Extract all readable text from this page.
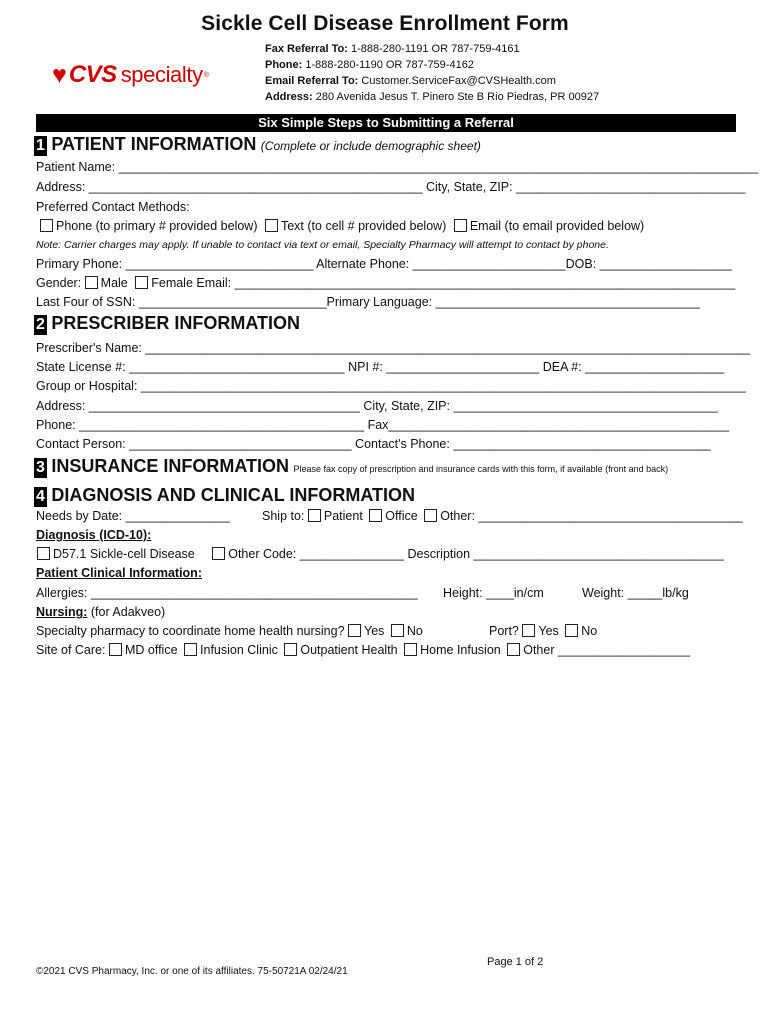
Sickle Cell Disease Enrollment Form
♥ CVS specialty ®
Fax Referral To: 1-888-280-1191 OR 787-759-4161
Phone: 1-888-280-1190 OR 787-759-4162
Email Referral To: Customer.ServiceFax@CVSHealth.com
Address: 280 Avenida Jesus T. Pinero Ste B Rio Piedras, PR 00927
Six Simple Steps to Submitting a Referral
1 PATIENT INFORMATION (Complete or include demographic sheet)
Patient Name: ____________________________________________________________________________________________
Address: ________________________________________________ City, State, ZIP: _________________________________
Preferred Contact Methods:
Phone (to primary # provided below) Text (to cell # provided below) Email (to email provided below)
Note: Carrier charges may apply. If unable to contact via text or email, Specialty Pharmacy will attempt to contact by phone.
Primary Phone: ___________________________ Alternate Phone: ______________________DOB: ___________________
Gender: Male Female Email: ________________________________________________________________________
Last Four of SSN: ___________________________Primary Language: ______________________________________
2 PRESCRIBER INFORMATION
Prescriber's Name: _______________________________________________________________________________________
State License #: _______________________________ NPI #: ______________________ DEA #: ____________________
Group or Hospital: _______________________________________________________________________________________
Address: _______________________________________ City, State, ZIP: ______________________________________
Phone: _________________________________________ Fax_________________________________________________
Contact Person: ________________________________ Contact's Phone: _____________________________________
3 INSURANCE INFORMATION Please fax copy of prescription and insurance cards with this form, if available (front and back)
4 DIAGNOSIS AND CLINICAL INFORMATION
Needs by Date: _______________	Ship to: Patient Office Other: ______________________________________
Diagnosis (ICD-10):
D57.1 Sickle-cell Disease	Other Code: _______________ Description ____________________________________
Patient Clinical Information:
Allergies: _______________________________________________ Height: ____in/cm	Weight: _____lb/kg
Nursing: (for Adakveo)
Specialty pharmacy to coordinate home health nursing? Yes No	Port? Yes No
Site of Care: MD office Infusion Clinic Outpatient Health Home Infusion Other ___________________
Page 1 of 2
©2021 CVS Pharmacy, Inc. or one of its affiliates. 75-50721A 02/24/21
